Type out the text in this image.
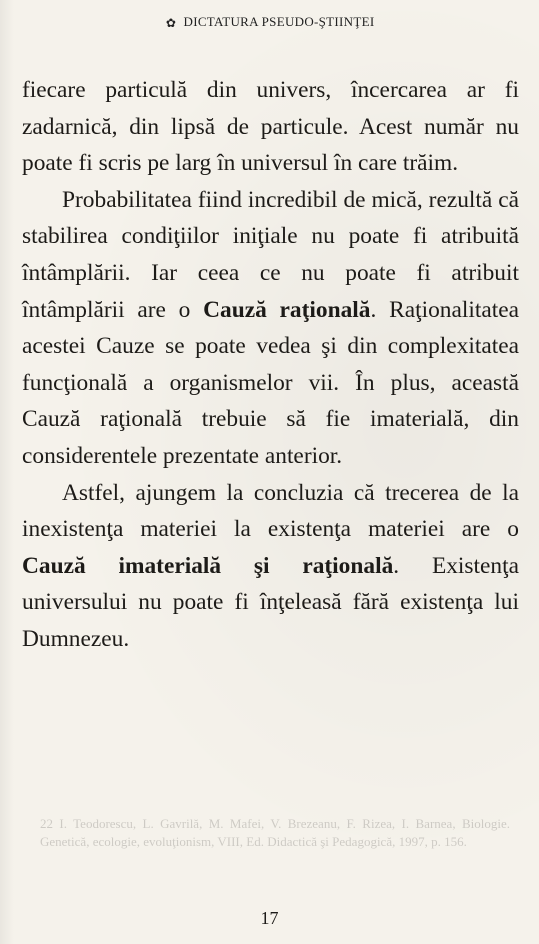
✿ DICTATURA PSEUDO-ŞTIINŢEI

fiecare particulă din univers, încercarea ar fi zadarnică, din lipsă de particule. Acest număr nu poate fi scris pe larg în universul în care trăim.

Probabilitatea fiind incredibil de mică, rezultă că stabilirea condiţiilor iniţiale nu poate fi atribuită întâmplării. Iar ceea ce nu poate fi atribuit întâmplării are o Cauză raţională. Raţionalitatea acestei Cauze se poate vedea şi din complexitatea funcţională a organismelor vii. În plus, această Cauză raţională trebuie să fie imaterială, din considerentele prezentate anterior.

Astfel, ajungem la concluzia că trecerea de la inexistenţa materiei la existenţa materiei are o Cauză imaterială şi raţională. Existenţa universului nu poate fi înţeleasă fără existenţa lui Dumnezeu.

22 I. Teodorescu, L. Gavrilă, M. Mafei, V. Brezeanu, F. Rizea, I. Barnea, Biologie. Genetică, ecologie, evoluţionism, VIII, Ed. Didactică şi Pedagogică, 1997, p. 156.
17
